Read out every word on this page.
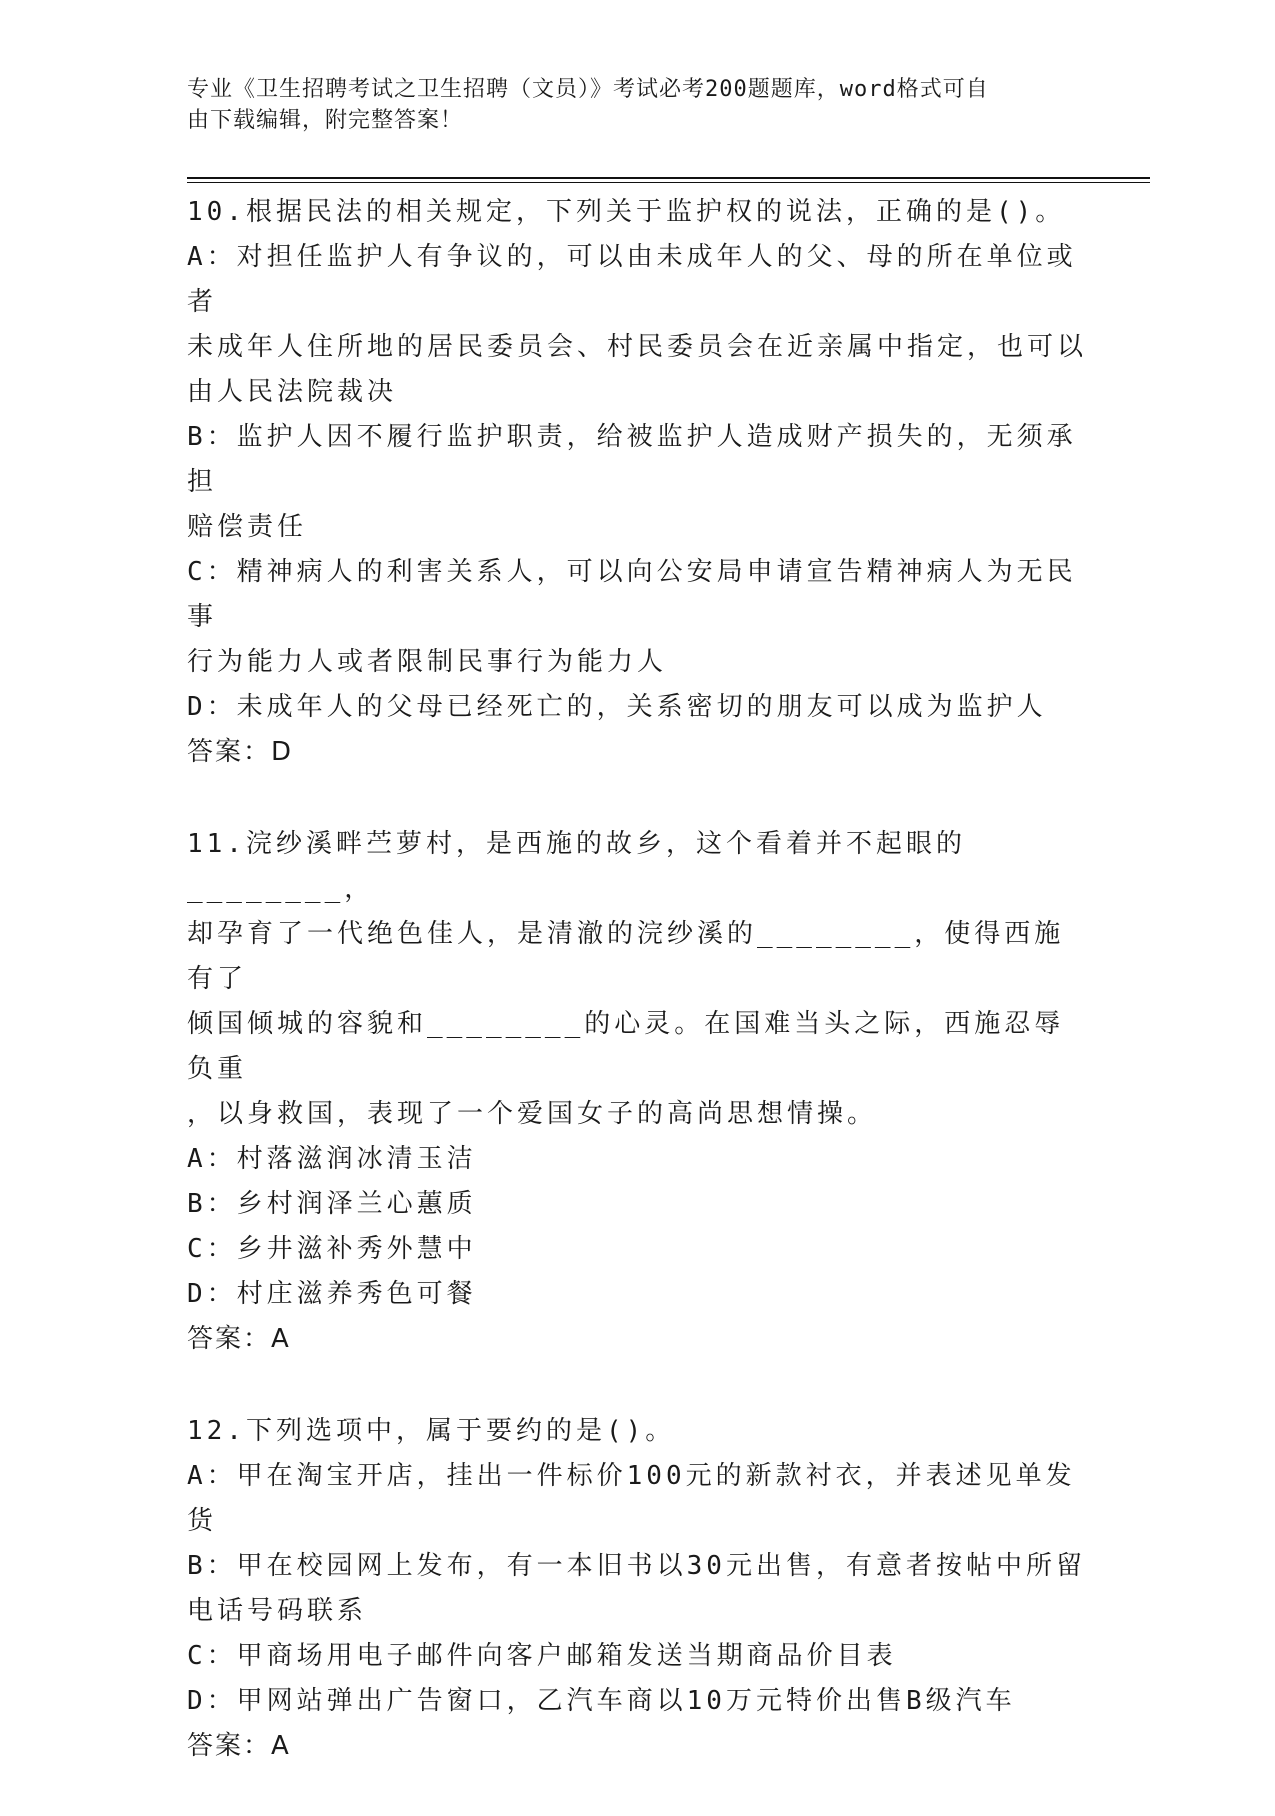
专业《卫生招聘考试之卫生招聘（文员）》考试必考200题题库，word格式可自
由下载编辑，附完整答案！
10.根据民法的相关规定，下列关于监护权的说法，正确的是()。
A：对担任监护人有争议的，可以由未成年人的父、母的所在单位或者
未成年人住所地的居民委员会、村民委员会在近亲属中指定，也可以
由人民法院裁决
B：监护人因不履行监护职责，给被监护人造成财产损失的，无须承担
赔偿责任
C：精神病人的利害关系人，可以向公安局申请宣告精神病人为无民事
行为能力人或者限制民事行为能力人
D：未成年人的父母已经死亡的，关系密切的朋友可以成为监护人
答案：D
11.浣纱溪畔苎萝村，是西施的故乡，这个看着并不起眼的________，
却孕育了一代绝色佳人，是清澈的浣纱溪的________，使得西施有了
倾国倾城的容貌和________的心灵。在国难当头之际，西施忍辱负重
，以身救国，表现了一个爱国女子的高尚思想情操。
A：村落滋润冰清玉洁
B：乡村润泽兰心蕙质
C：乡井滋补秀外慧中
D：村庄滋养秀色可餐
答案：A
12.下列选项中，属于要约的是()。
A：甲在淘宝开店，挂出一件标价100元的新款衬衣，并表述见单发货
B：甲在校园网上发布，有一本旧书以30元出售，有意者按帖中所留
电话号码联系
C：甲商场用电子邮件向客户邮箱发送当期商品价目表
D：甲网站弹出广告窗口，乙汽车商以10万元特价出售B级汽车
答案：A
